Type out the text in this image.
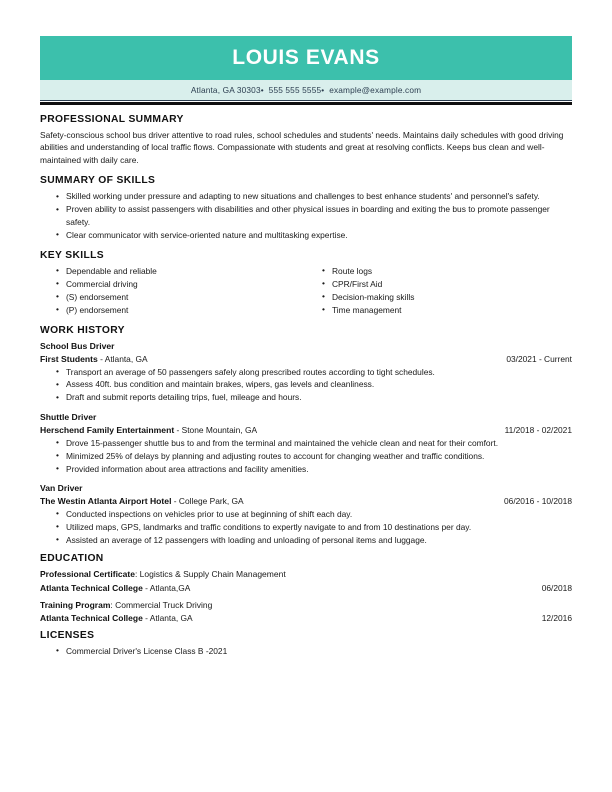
LOUIS EVANS
Atlanta, GA 30303•  555 555 5555•  example@example.com
PROFESSIONAL SUMMARY
Safety-conscious school bus driver attentive to road rules, school schedules and students' needs. Maintains daily schedules with good driving abilities and understanding of local traffic flows. Compassionate with students and great at resolving conflicts. Keeps bus clean and well-maintained with daily care.
SUMMARY OF SKILLS
• Skilled working under pressure and adapting to new situations and challenges to best enhance students' and personnel's safety.
• Proven ability to assist passengers with disabilities and other physical issues in boarding and exiting the bus to promote passenger safety.
• Clear communicator with service-oriented nature and multitasking expertise.
KEY SKILLS
• Dependable and reliable
• Commercial driving
• (S) endorsement
• (P) endorsement
• Route logs
• CPR/First Aid
• Decision-making skills
• Time management
WORK HISTORY
School Bus Driver
First Students - Atlanta, GA	03/2021 - Current
• Transport an average of 50 passengers safely along prescribed routes according to tight schedules.
• Assess 40ft. bus condition and maintain brakes, wipers, gas levels and cleanliness.
• Draft and submit reports detailing trips, fuel, mileage and hours.
Shuttle Driver
Herschend Family Entertainment - Stone Mountain, GA	11/2018 - 02/2021
• Drove 15-passenger shuttle bus to and from the terminal and maintained the vehicle clean and neat for their comfort.
• Minimized 25% of delays by planning and adjusting routes to account for changing weather and traffic conditions.
• Provided information about area attractions and facility amenities.
Van Driver
The Westin Atlanta Airport Hotel - College Park, GA	06/2016 - 10/2018
• Conducted inspections on vehicles prior to use at beginning of shift each day.
• Utilized maps, GPS, landmarks and traffic conditions to expertly navigate to and from 10 destinations per day.
• Assisted an average of 12 passengers with loading and unloading of personal items and luggage.
EDUCATION
Professional Certificate: Logistics & Supply Chain Management
Atlanta Technical College - Atlanta,GA	06/2018
Training Program: Commercial Truck Driving
Atlanta Technical College - Atlanta, GA	12/2016
LICENSES
• Commercial Driver's License Class B -2021
